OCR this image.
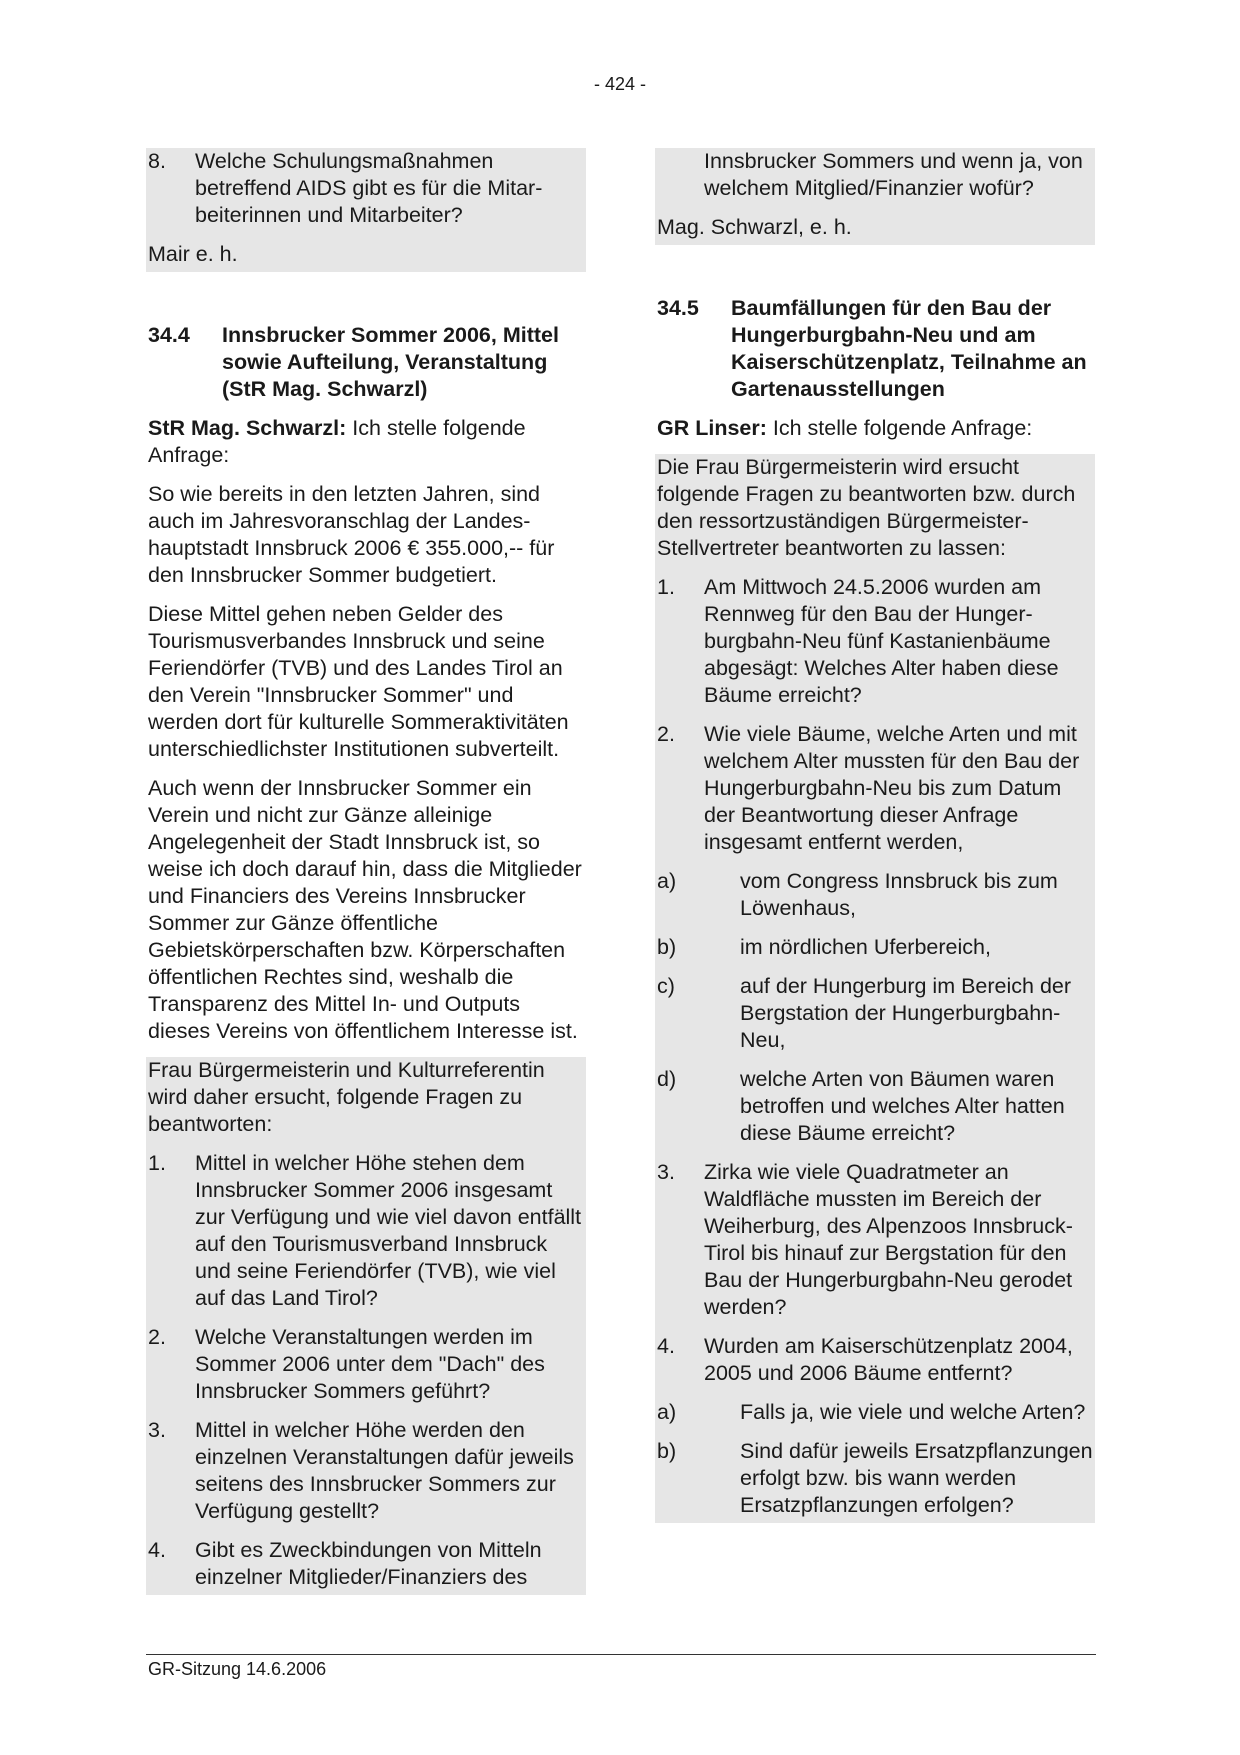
- 424 -
8.	Welche Schulungsmaßnahmen betreffend AIDS gibt es für die Mitarbeiterinnen und Mitarbeiter?
Mair e. h.
34.4	Innsbrucker Sommer 2006, Mittel sowie Aufteilung, Veranstaltung (StR Mag. Schwarzl)
StR Mag. Schwarzl: Ich stelle folgende Anfrage:
So wie bereits in den letzten Jahren, sind auch im Jahresvoranschlag der Landeshauptstadt Innsbruck 2006 € 355.000,-- für den Innsbrucker Sommer budgetiert.
Diese Mittel gehen neben Gelder des Tourismusverbandes Innsbruck und seine Feriendörfer (TVB) und des Landes Tirol an den Verein "Innsbrucker Sommer" und werden dort für kulturelle Sommeraktivitäten unterschiedlichster Institutionen subverteilt.
Auch wenn der Innsbrucker Sommer ein Verein und nicht zur Gänze alleinige Angelegenheit der Stadt Innsbruck ist, so weise ich doch darauf hin, dass die Mitglieder und Financiers des Vereins Innsbrucker Sommer zur Gänze öffentliche Gebietskörperschaften bzw. Körperschaften öffentlichen Rechtes sind, weshalb die Transparenz des Mittel In- und Outputs dieses Vereins von öffentlichem Interesse ist.
Frau Bürgermeisterin und Kulturreferentin wird daher ersucht, folgende Fragen zu beantworten:
1.	Mittel in welcher Höhe stehen dem Innsbrucker Sommer 2006 insgesamt zur Verfügung und wie viel davon entfällt auf den Tourismusverband Innsbruck und seine Feriendörfer (TVB), wie viel auf das Land Tirol?
2.	Welche Veranstaltungen werden im Sommer 2006 unter dem "Dach" des Innsbrucker Sommers geführt?
3.	Mittel in welcher Höhe werden den einzelnen Veranstaltungen dafür jeweils seitens des Innsbrucker Sommers zur Verfügung gestellt?
4.	Gibt es Zweckbindungen von Mitteln einzelner Mitglieder/Finanziers des
Innsbrucker Sommers und wenn ja, von welchem Mitglied/Finanzier wofür?
Mag. Schwarzl, e. h.
34.5	Baumfällungen für den Bau der Hungerburgbahn-Neu und am Kaiserschützenplatz, Teilnahme an Gartenausstellungen
GR Linser: Ich stelle folgende Anfrage:
Die Frau Bürgermeisterin wird ersucht folgende Fragen zu beantworten bzw. durch den ressortzuständigen Bürgermeister-Stellvertreter beantworten zu lassen:
1.	Am Mittwoch 24.5.2006 wurden am Rennweg für den Bau der Hungerburgbahn-Neu fünf Kastanienbäume abgesägt: Welches Alter haben diese Bäume erreicht?
2.	Wie viele Bäume, welche Arten und mit welchem Alter mussten für den Bau der Hungerburgbahn-Neu bis zum Datum der Beantwortung dieser Anfrage insgesamt entfernt werden,
a)	vom Congress Innsbruck bis zum Löwenhaus,
b)	im nördlichen Uferbereich,
c)	auf der Hungerburg im Bereich der Bergstation der Hungerburgbahn-Neu,
d)	welche Arten von Bäumen waren betroffen und welches Alter hatten diese Bäume erreicht?
3.	Zirka wie viele Quadratmeter an Waldfläche mussten im Bereich der Weiherburg, des Alpenzoos Innsbruck-Tirol bis hinauf zur Bergstation für den Bau der Hungerburgbahn-Neu gerodet werden?
4.	Wurden am Kaiserschützenplatz 2004, 2005 und 2006 Bäume entfernt?
a)	Falls ja, wie viele und welche Arten?
b)	Sind dafür jeweils Ersatzpflanzungen erfolgt bzw. bis wann werden Ersatzpflanzungen erfolgen?
GR-Sitzung 14.6.2006
